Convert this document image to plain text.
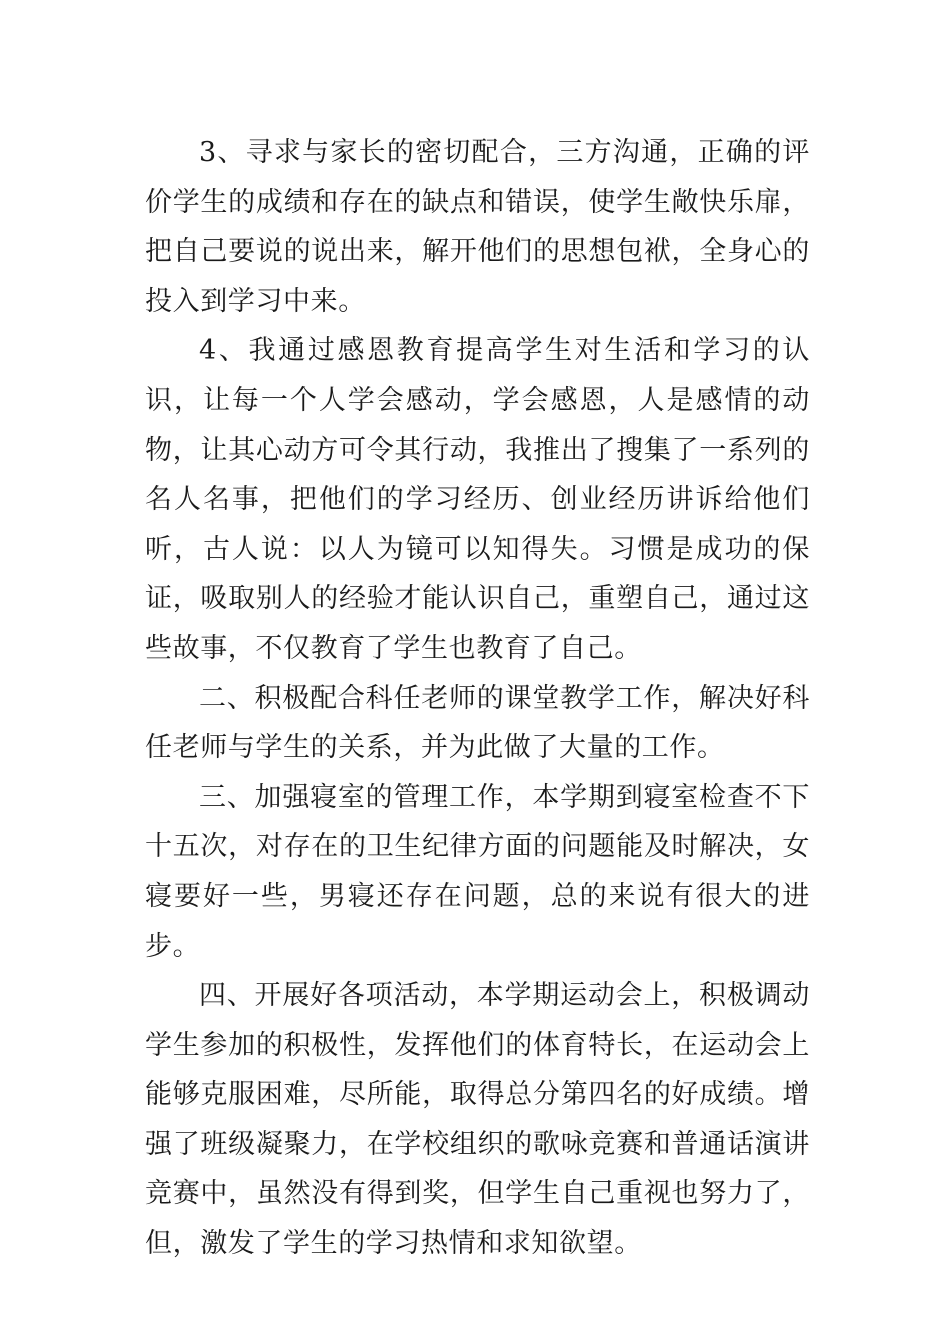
3、寻求与家长的密切配合，三方沟通，正确的评价学生的成绩和存在的缺点和错误，使学生敞快乐扉，把自己要说的说出来，解开他们的思想包袱，全身心的投入到学习中来。

4、我通过感恩教育提高学生对生活和学习的认识，让每一个人学会感动，学会感恩，人是感情的动物，让其心动方可令其行动，我推出了搜集了一系列的名人名事，把他们的学习经历、创业经历讲诉给他们听，古人说：以人为镜可以知得失。习惯是成功的保证，吸取别人的经验才能认识自己，重塑自己，通过这些故事，不仅教育了学生也教育了自己。

二、积极配合科任老师的课堂教学工作，解决好科任老师与学生的关系，并为此做了大量的工作。

三、加强寝室的管理工作，本学期到寝室检查不下十五次，对存在的卫生纪律方面的问题能及时解决，女寝要好一些，男寝还存在问题，总的来说有很大的进步。

四、开展好各项活动，本学期运动会上，积极调动学生参加的积极性，发挥他们的体育特长，在运动会上能够克服困难，尽所能，取得总分第四名的好成绩。增强了班级凝聚力，在学校组织的歌咏竞赛和普通话演讲竞赛中，虽然没有得到奖，但学生自己重视也努力了，但，激发了学生的学习热情和求知欲望。
